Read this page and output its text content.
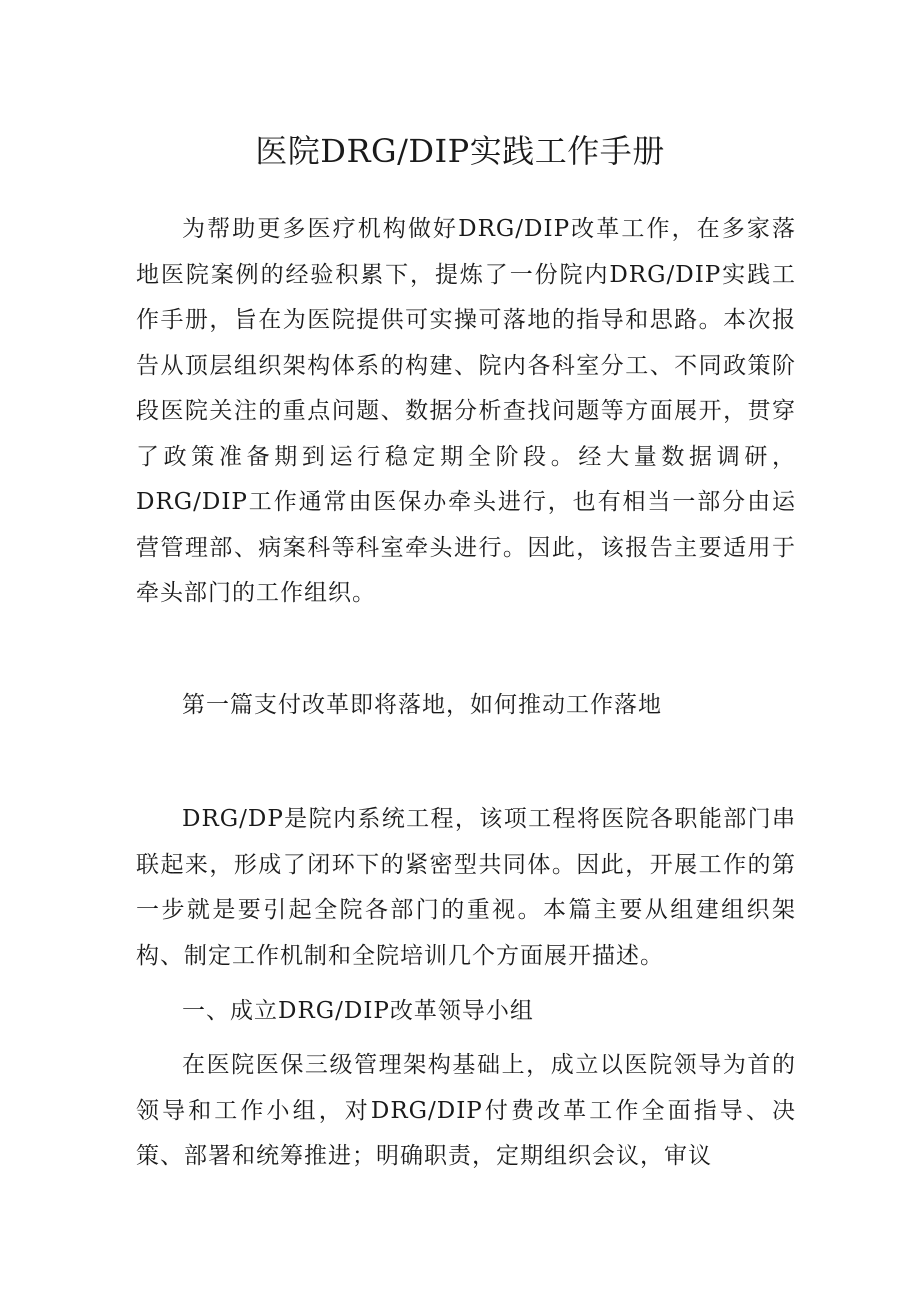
医院DRG/DIP实践工作手册

为帮助更多医疗机构做好DRG/DIP改革工作，在多家落地医院案例的经验积累下，提炼了一份院内DRG/DIP实践工作手册，旨在为医院提供可实操可落地的指导和思路。本次报告从顶层组织架构体系的构建、院内各科室分工、不同政策阶段医院关注的重点问题、数据分析查找问题等方面展开，贯穿了政策准备期到运行稳定期全阶段。经大量数据调研，DRG/DIP工作通常由医保办牵头进行，也有相当一部分由运营管理部、病案科等科室牵头进行。因此，该报告主要适用于牵头部门的工作组织。

第一篇支付改革即将落地，如何推动工作落地

DRG/DP是院内系统工程，该项工程将医院各职能部门串联起来，形成了闭环下的紧密型共同体。因此，开展工作的第一步就是要引起全院各部门的重视。本篇主要从组建组织架构、制定工作机制和全院培训几个方面展开描述。

一、成立DRG/DIP改革领导小组

在医院医保三级管理架构基础上，成立以医院领导为首的领导和工作小组，对DRG/DIP付费改革工作全面指导、决策、部署和统筹推进；明确职责，定期组织会议，审议
